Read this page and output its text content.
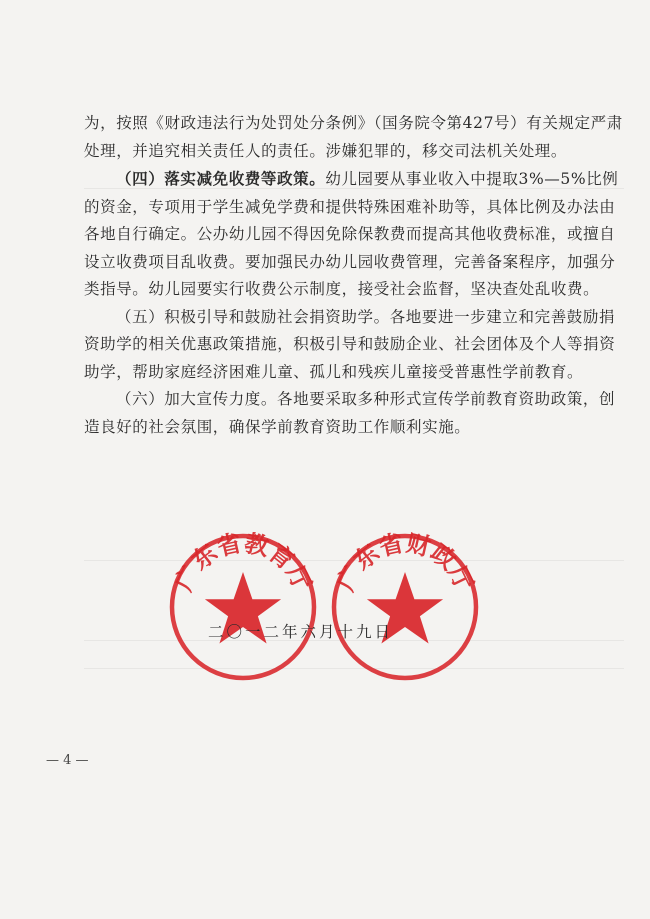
为，按照《财政违法行为处罚处分条例》（国务院令第427号）有关规定严肃处理，并追究相关责任人的责任。涉嫌犯罪的，移交司法机关处理。

（四）落实减免收费等政策。幼儿园要从事业收入中提取3%—5%比例的资金，专项用于学生减免学费和提供特殊困难补助等，具体比例及办法由各地自行确定。公办幼儿园不得因免除保教费而提高其他收费标准，或擅自设立收费项目乱收费。要加强民办幼儿园收费管理，完善备案程序，加强分类指导。幼儿园要实行收费公示制度，接受社会监督，坚决查处乱收费。

（五）积极引导和鼓励社会捐资助学。各地要进一步建立和完善鼓励捐资助学的相关优惠政策措施，积极引导和鼓励企业、社会团体及个人等捐资助学，帮助家庭经济困难儿童、孤儿和残疾儿童接受普惠性学前教育。

（六）加大宣传力度。各地要采取多种形式宣传学前教育资助政策，创造良好的社会氛围，确保学前教育资助工作顺利实施。

广东省教育厅 广东省财政厅
二〇一二年六月十九日
— 4 —
